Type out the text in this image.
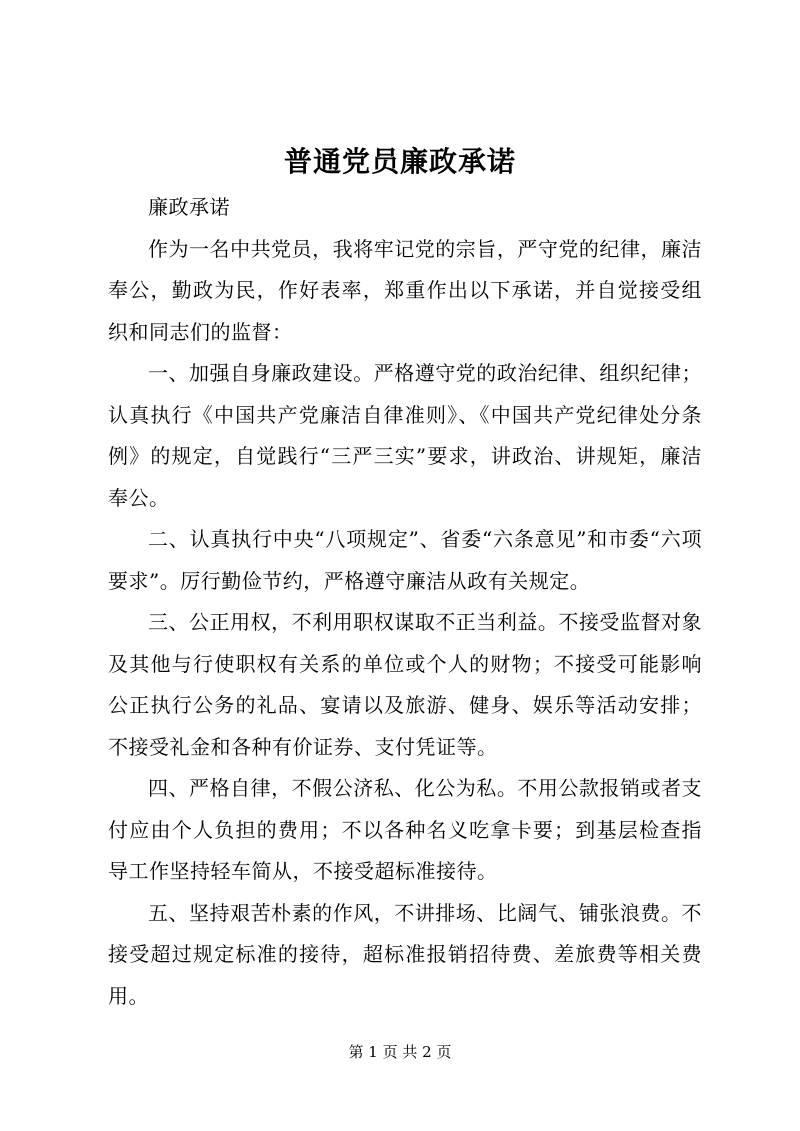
普通党员廉政承诺

廉政承诺

作为一名中共党员，我将牢记党的宗旨，严守党的纪律，廉洁奉公，勤政为民，作好表率，郑重作出以下承诺，并自觉接受组织和同志们的监督：

一、加强自身廉政建设。严格遵守党的政治纪律、组织纪律；认真执行《中国共产党廉洁自律准则》、《中国共产党纪律处分条例》的规定，自觉践行“三严三实”要求，讲政治、讲规矩，廉洁奉公。

二、认真执行中央“八项规定”、省委“六条意见”和市委“六项要求”。厉行勤俭节约，严格遵守廉洁从政有关规定。

三、公正用权，不利用职权谋取不正当利益。不接受监督对象及其他与行使职权有关系的单位或个人的财物；不接受可能影响公正执行公务的礼品、宴请以及旅游、健身、娱乐等活动安排；不接受礼金和各种有价证券、支付凭证等。

四、严格自律，不假公济私、化公为私。不用公款报销或者支付应由个人负担的费用；不以各种名义吃拿卡要；到基层检查指导工作坚持轻车简从，不接受超标准接待。

五、坚持艰苦朴素的作风，不讲排场、比阔气、铺张浪费。不接受超过规定标准的接待，超标准报销招待费、差旅费等相关费用。

第 1 页 共 2 页
